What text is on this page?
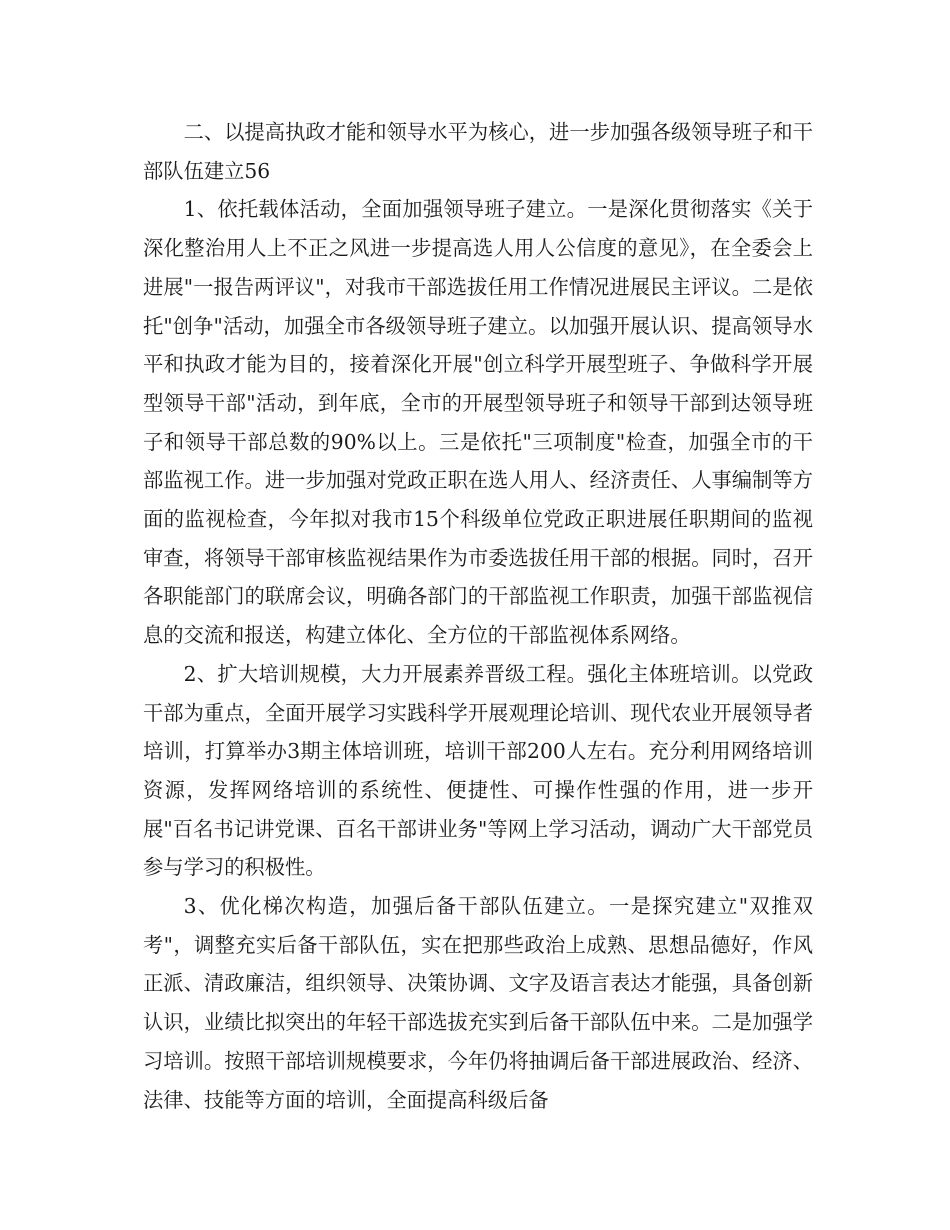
二、以提高执政才能和领导水平为核心，进一步加强各级领导班子和干部队伍建立56

1、依托载体活动，全面加强领导班子建立。一是深化贯彻落实《关于深化整治用人上不正之风进一步提高选人用人公信度的意见》，在全委会上进展"一报告两评议"，对我市干部选拔任用工作情况进展民主评议。二是依托"创争"活动，加强全市各级领导班子建立。以加强开展认识、提高领导水平和执政才能为目的，接着深化开展"创立科学开展型班子、争做科学开展型领导干部"活动，到年底，全市的开展型领导班子和领导干部到达领导班子和领导干部总数的90%以上。三是依托"三项制度"检查，加强全市的干部监视工作。进一步加强对党政正职在选人用人、经济责任、人事编制等方面的监视检查，今年拟对我市15个科级单位党政正职进展任职期间的监视审查，将领导干部审核监视结果作为市委选拔任用干部的根据。同时，召开各职能部门的联席会议，明确各部门的干部监视工作职责，加强干部监视信息的交流和报送，构建立体化、全方位的干部监视体系网络。

2、扩大培训规模，大力开展素养晋级工程。强化主体班培训。以党政干部为重点，全面开展学习实践科学开展观理论培训、现代农业开展领导者培训，打算举办3期主体培训班，培训干部200人左右。充分利用网络培训资源，发挥网络培训的系统性、便捷性、可操作性强的作用，进一步开展"百名书记讲党课、百名干部讲业务"等网上学习活动，调动广大干部党员参与学习的积极性。

3、优化梯次构造，加强后备干部队伍建立。一是探究建立"双推双考"，调整充实后备干部队伍，实在把那些政治上成熟、思想品德好，作风正派、清政廉洁，组织领导、决策协调、文字及语言表达才能强，具备创新认识，业绩比拟突出的年轻干部选拔充实到后备干部队伍中来。二是加强学习培训。按照干部培训规模要求，今年仍将抽调后备干部进展政治、经济、法律、技能等方面的培训，全面提高科级后备
